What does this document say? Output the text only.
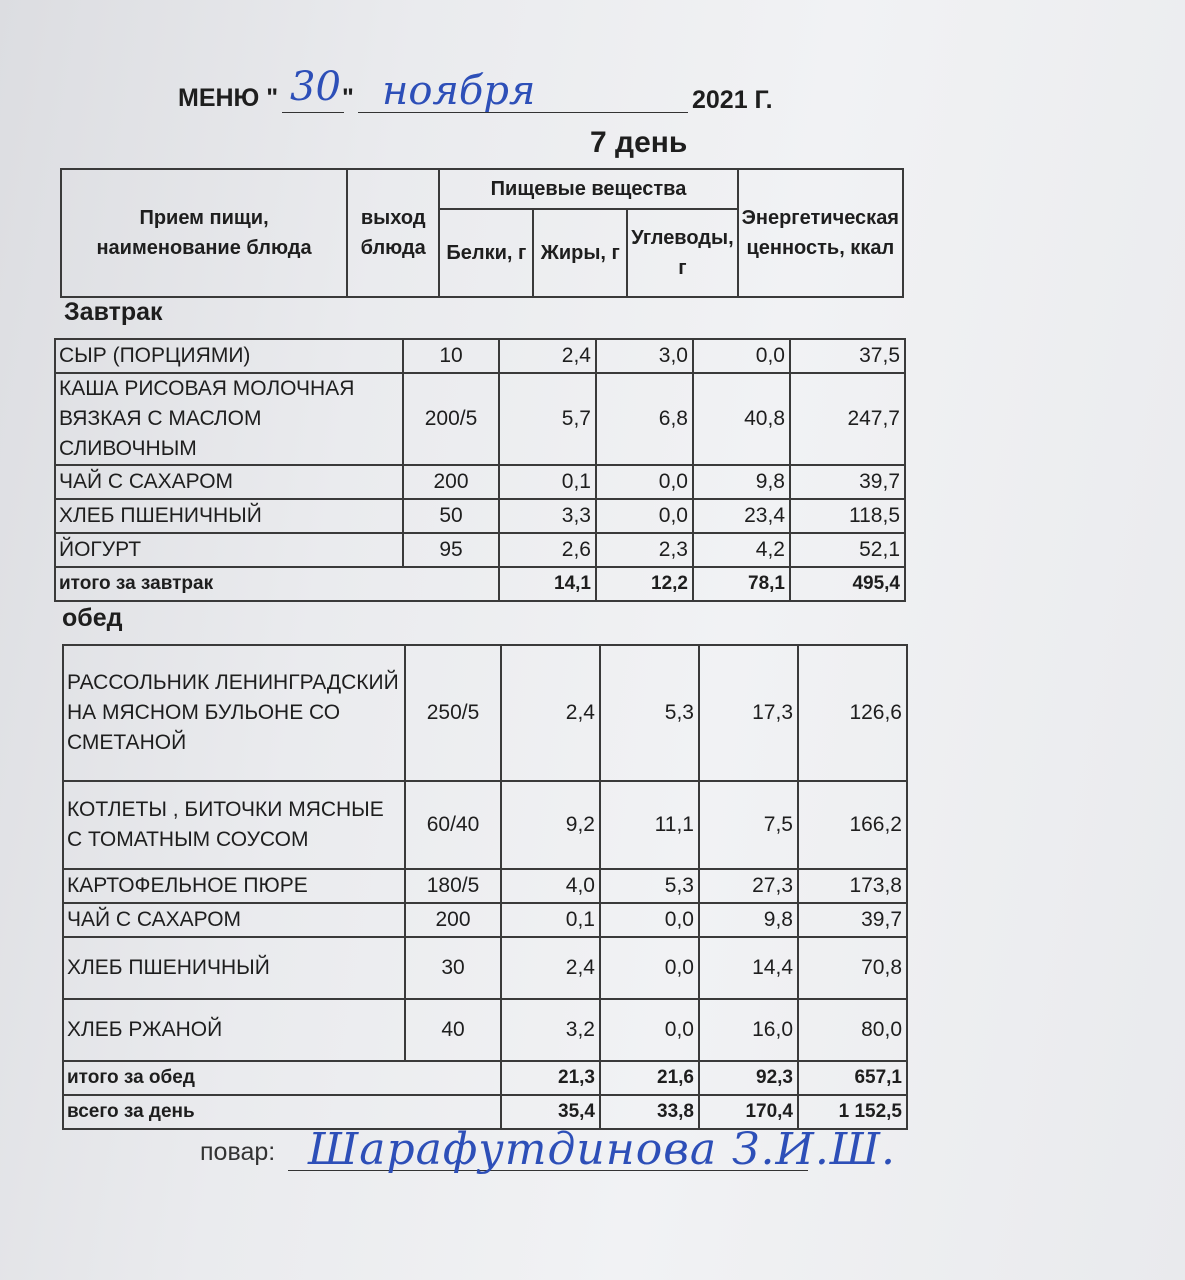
МЕНЮ " 30 " ноября	2021 Г.
7 день
Прием пищи, наименование блюда	выход блюда	Пищевые вещества			Энергетическая ценность, ккал
		Белки, г	Жиры, г	Углеводы, г	
Завтрак
СЫР (ПОРЦИЯМИ)	10	2,4	3,0	0,0	37,5
КАША РИСОВАЯ МОЛОЧНАЯ ВЯЗКАЯ С МАСЛОМ СЛИВОЧНЫМ	200/5	5,7	6,8	40,8	247,7
ЧАЙ С САХАРОМ	200	0,1	0,0	9,8	39,7
ХЛЕБ ПШЕНИЧНЫЙ	50	3,3	0,0	23,4	118,5
ЙОГУРТ	95	2,6	2,3	4,2	52,1
итого за завтрак		14,1	12,2	78,1	495,4
обед
РАССОЛЬНИК ЛЕНИНГРАДСКИЙ НА МЯСНОМ БУЛЬОНЕ СО СМЕТАНОЙ	250/5	2,4	5,3	17,3	126,6
КОТЛЕТЫ , БИТОЧКИ МЯСНЫЕ С ТОМАТНЫМ СОУСОМ	60/40	9,2	11,1	7,5	166,2
КАРТОФЕЛЬНОЕ ПЮРЕ	180/5	4,0	5,3	27,3	173,8
ЧАЙ С САХАРОМ	200	0,1	0,0	9,8	39,7
ХЛЕБ ПШЕНИЧНЫЙ	30	2,4	0,0	14,4	70,8
ХЛЕБ РЖАНОЙ	40	3,2	0,0	16,0	80,0
итого за обед		21,3	21,6	92,3	657,1
всего за день		35,4	33,8	170,4	1 152,5
повар: Шарафутдинова З.И.Ш.
